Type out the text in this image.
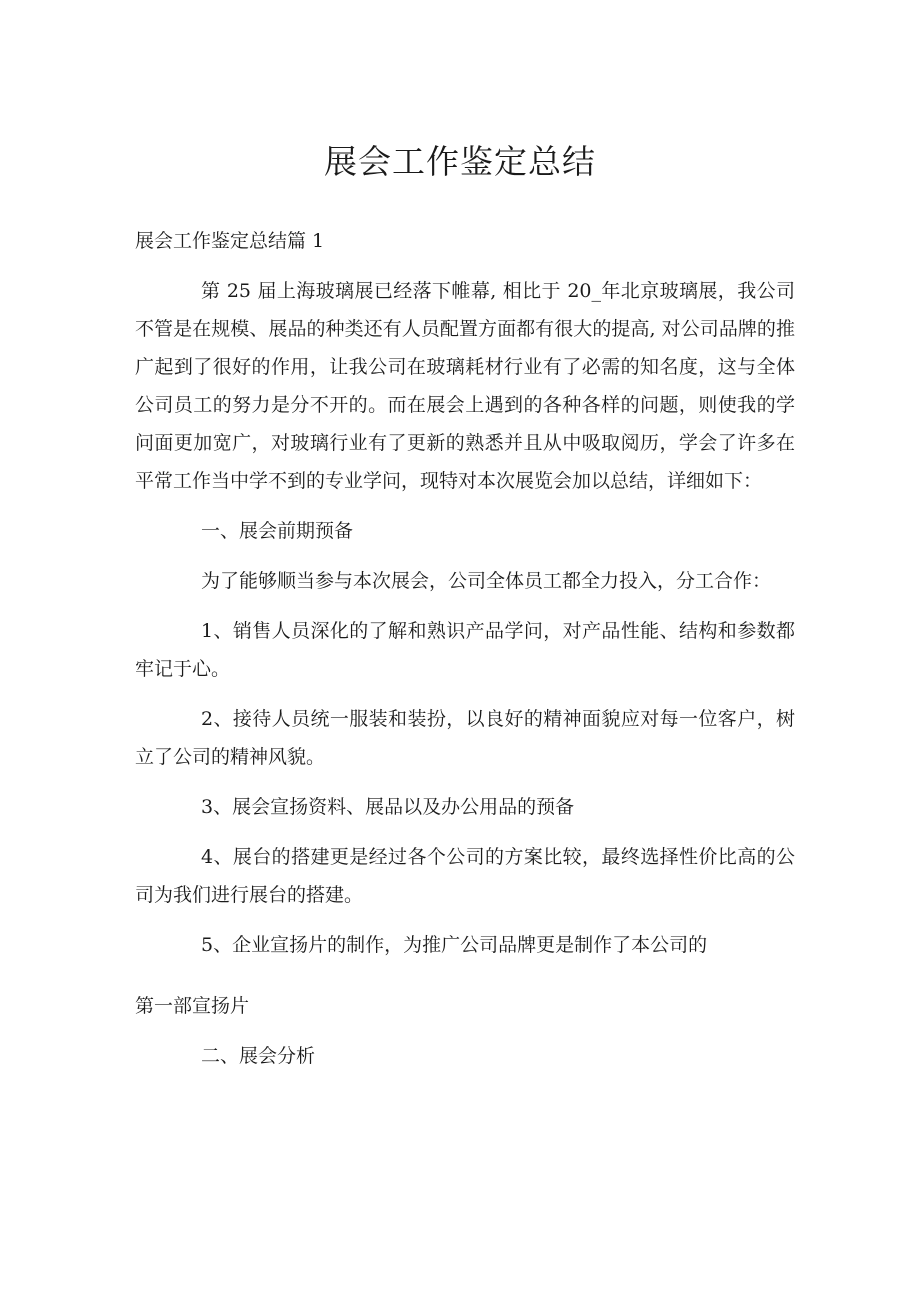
展会工作鉴定总结

展会工作鉴定总结篇 1

第 25 届上海玻璃展已经落下帷幕, 相比于 20_年北京玻璃展，我公司不管是在规模、展品的种类还有人员配置方面都有很大的提高, 对公司品牌的推广起到了很好的作用，让我公司在玻璃耗材行业有了必需的知名度，这与全体公司员工的努力是分不开的。而在展会上遇到的各种各样的问题，则使我的学问面更加宽广，对玻璃行业有了更新的熟悉并且从中吸取阅历，学会了许多在平常工作当中学不到的专业学问，现特对本次展览会加以总结，详细如下：

一、展会前期预备

为了能够顺当参与本次展会，公司全体员工都全力投入，分工合作：

1、销售人员深化的了解和熟识产品学问，对产品性能、结构和参数都牢记于心。

2、接待人员统一服装和装扮，以良好的精神面貌应对每一位客户，树立了公司的精神风貌。

3、展会宣扬资料、展品以及办公用品的预备

4、展台的搭建更是经过各个公司的方案比较，最终选择性价比高的公司为我们进行展台的搭建。

5、企业宣扬片的制作，为推广公司品牌更是制作了本公司的

第一部宣扬片

二、展会分析
